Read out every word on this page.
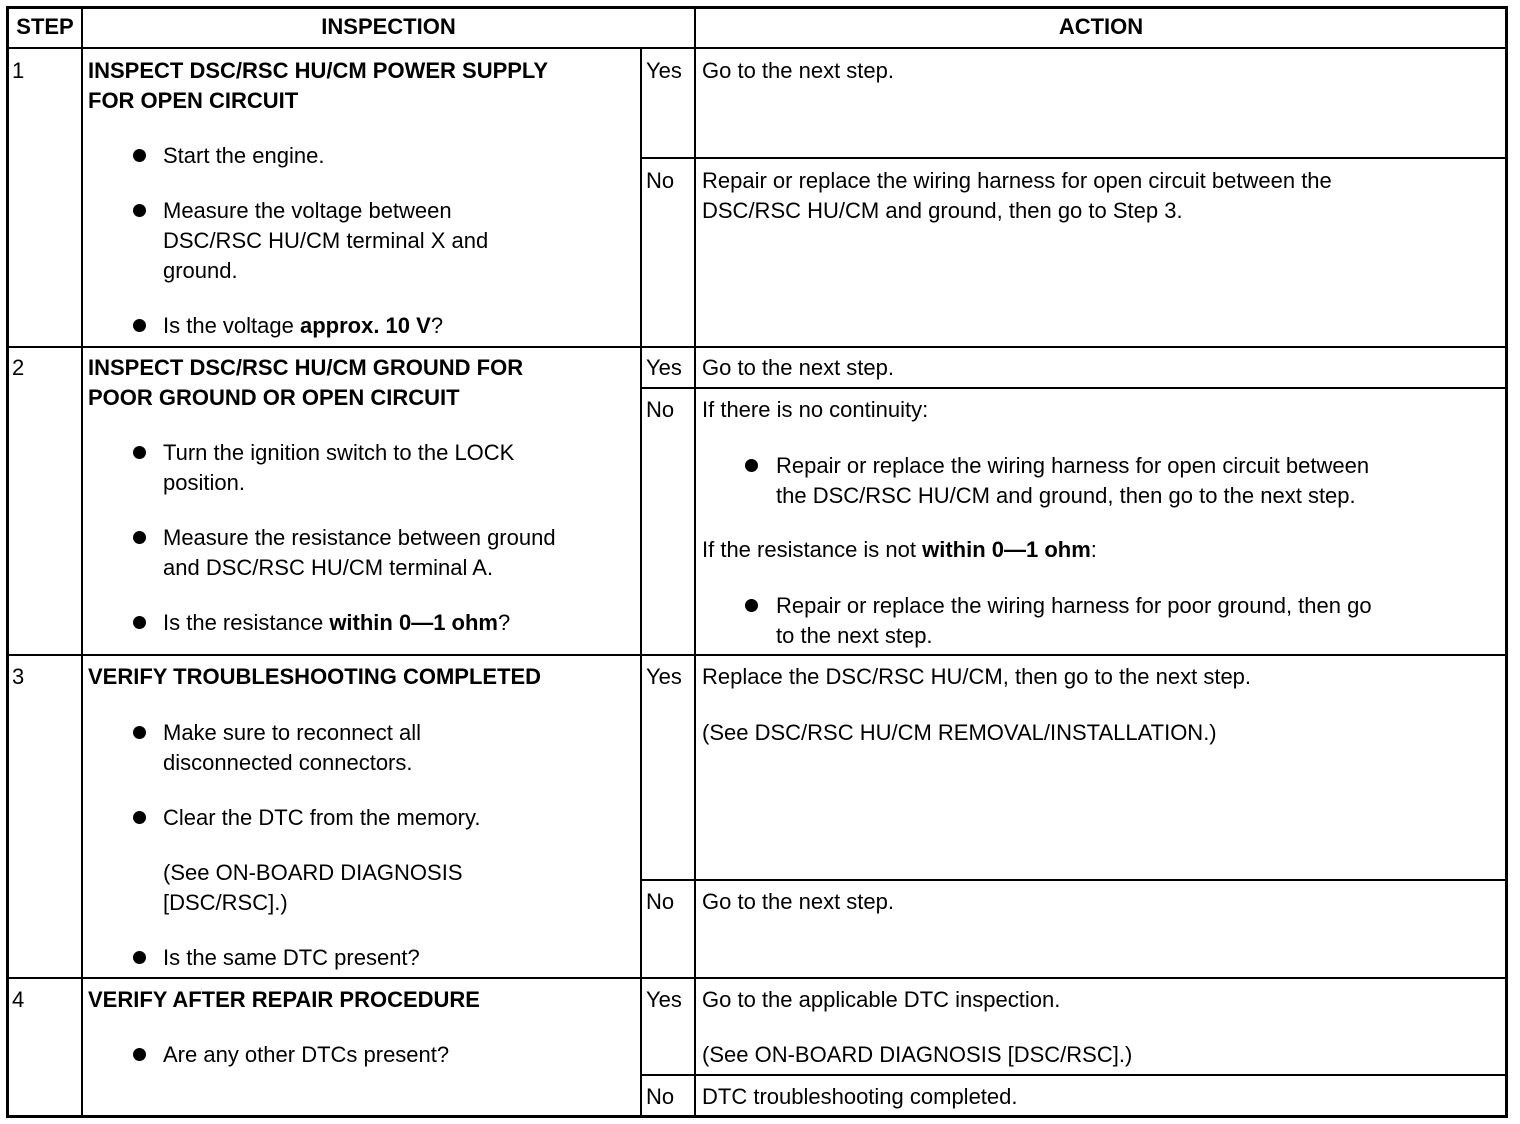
STEP	INSPECTION	ACTION
1	INSPECT DSC/RSC HU/CM POWER SUPPLY
FOR OPEN CIRCUIT
Start the engine.
Measure the voltage between
DSC/RSC HU/CM terminal X and
ground.
Is the voltage approx. 10 V?
Yes Go to the next step.
No Repair or replace the wiring harness for open circuit between the
DSC/RSC HU/CM and ground, then go to Step 3.
2	INSPECT DSC/RSC HU/CM GROUND FOR
POOR GROUND OR OPEN CIRCUIT
Turn the ignition switch to the LOCK
position.
Measure the resistance between ground
and DSC/RSC HU/CM terminal A.
Is the resistance within 0—1 ohm?
Yes Go to the next step.
No If there is no continuity:
Repair or replace the wiring harness for open circuit between
the DSC/RSC HU/CM and ground, then go to the next step.
If the resistance is not within 0—1 ohm:
Repair or replace the wiring harness for poor ground, then go
to the next step.
3	VERIFY TROUBLESHOOTING COMPLETED
Make sure to reconnect all
disconnected connectors.
Clear the DTC from the memory.
(See ON-BOARD DIAGNOSIS
[DSC/RSC].)
Is the same DTC present?
Yes Replace the DSC/RSC HU/CM, then go to the next step.
(See DSC/RSC HU/CM REMOVAL/INSTALLATION.)
No Go to the next step.
4	VERIFY AFTER REPAIR PROCEDURE
Are any other DTCs present?
Yes Go to the applicable DTC inspection.
(See ON-BOARD DIAGNOSIS [DSC/RSC].)
No DTC troubleshooting completed.
